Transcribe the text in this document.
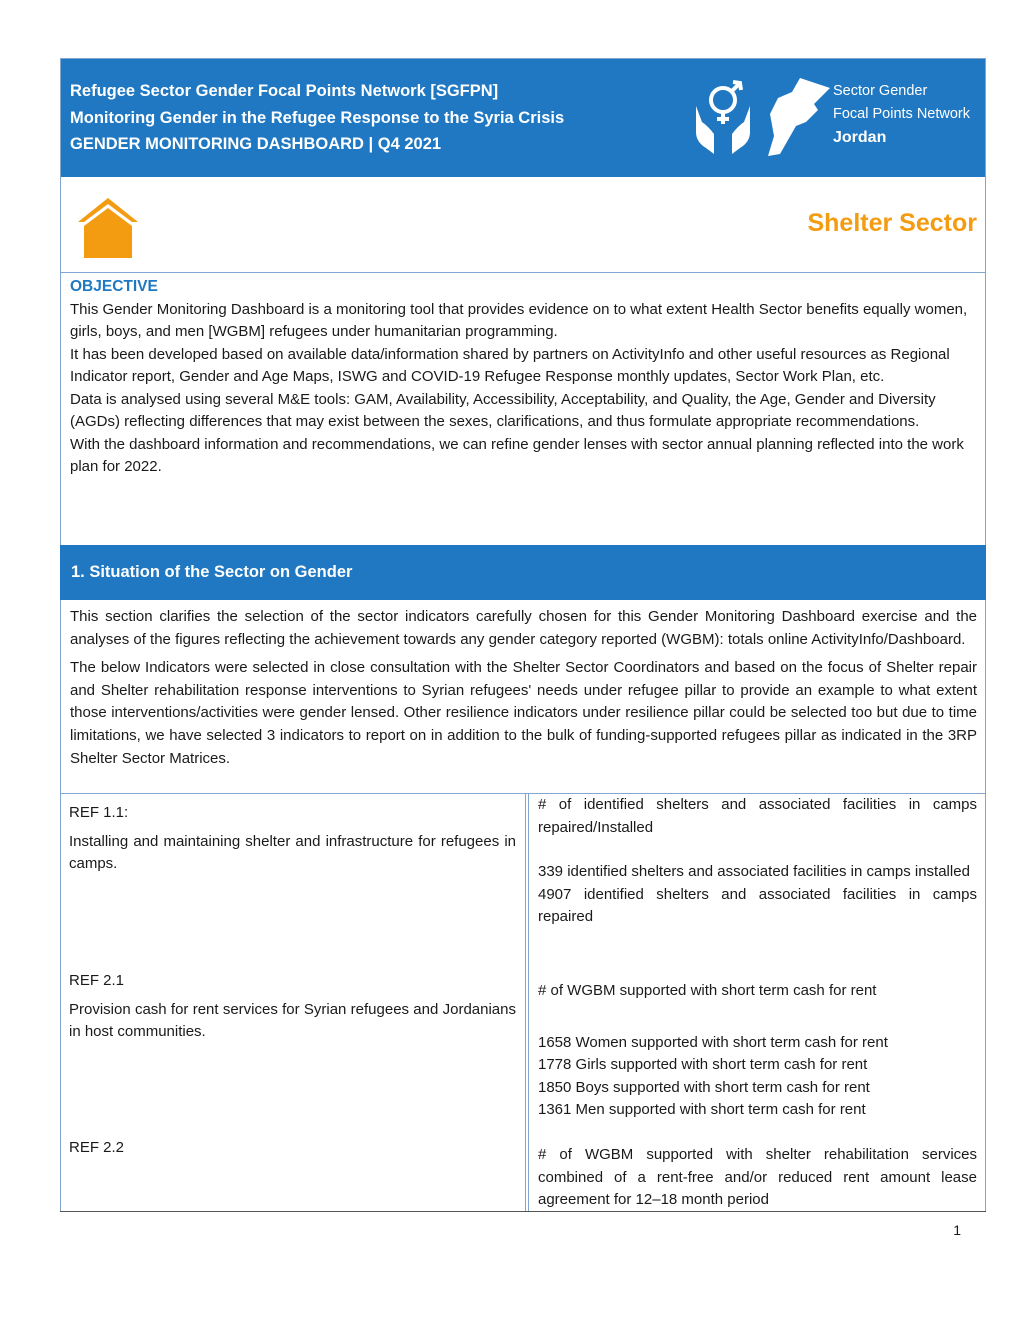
Refugee Sector Gender Focal Points Network [SGFPN]
Monitoring Gender in the Refugee Response to the Syria Crisis
GENDER MONITORING DASHBOARD | Q4 2021
Sector Gender
Focal Points Network
Jordan
Shelter Sector
OBJECTIVE

This Gender Monitoring Dashboard is a monitoring tool that provides evidence on to what extent Health Sector benefits equally women, girls, boys, and men [WGBM] refugees under humanitarian programming.

It has been developed based on available data/information shared by partners on ActivityInfo and other useful resources as Regional Indicator report, Gender and Age Maps, ISWG and COVID-19 Refugee Response monthly updates, Sector Work Plan, etc.

Data is analysed using several M&E tools: GAM, Availability, Accessibility, Acceptability, and Quality, the Age, Gender and Diversity (AGDs) reflecting differences that may exist between the sexes, clarifications, and thus formulate appropriate recommendations.

With the dashboard information and recommendations, we can refine gender lenses with sector annual planning reflected into the work plan for 2022.

1. Situation of the Sector on Gender

This section clarifies the selection of the sector indicators carefully chosen for this Gender Monitoring Dashboard exercise and the analyses of the figures reflecting the achievement towards any gender category reported (WGBM): totals online ActivityInfo/Dashboard.

The below Indicators were selected in close consultation with the Shelter Sector Coordinators and based on the focus of Shelter repair and Shelter rehabilitation response interventions to Syrian refugees' needs under refugee pillar to provide an example to what extent those interventions/activities were gender lensed. Other resilience indicators under resilience pillar could be selected too but due to time limitations, we have selected 3 indicators to report on in addition to the bulk of funding-supported refugees pillar as indicated in the 3RP Shelter Sector Matrices.

REF 1.1:

Installing and maintaining shelter and infrastructure for refugees in camps.

REF 2.1

Provision cash for rent services for Syrian refugees and Jordanians in host communities.

REF 2.2

# of identified shelters and associated facilities in camps repaired/Installed

339 identified shelters and associated facilities in camps installed

4907 identified shelters and associated facilities in camps repaired

# of WGBM supported with short term cash for rent

1658 Women supported with short term cash for rent

1778 Girls supported with short term cash for rent

1850 Boys supported with short term cash for rent

1361 Men supported with short term cash for rent

# of WGBM supported with shelter rehabilitation services combined of a rent-free and/or reduced rent amount lease agreement for 12–18 month period

1
